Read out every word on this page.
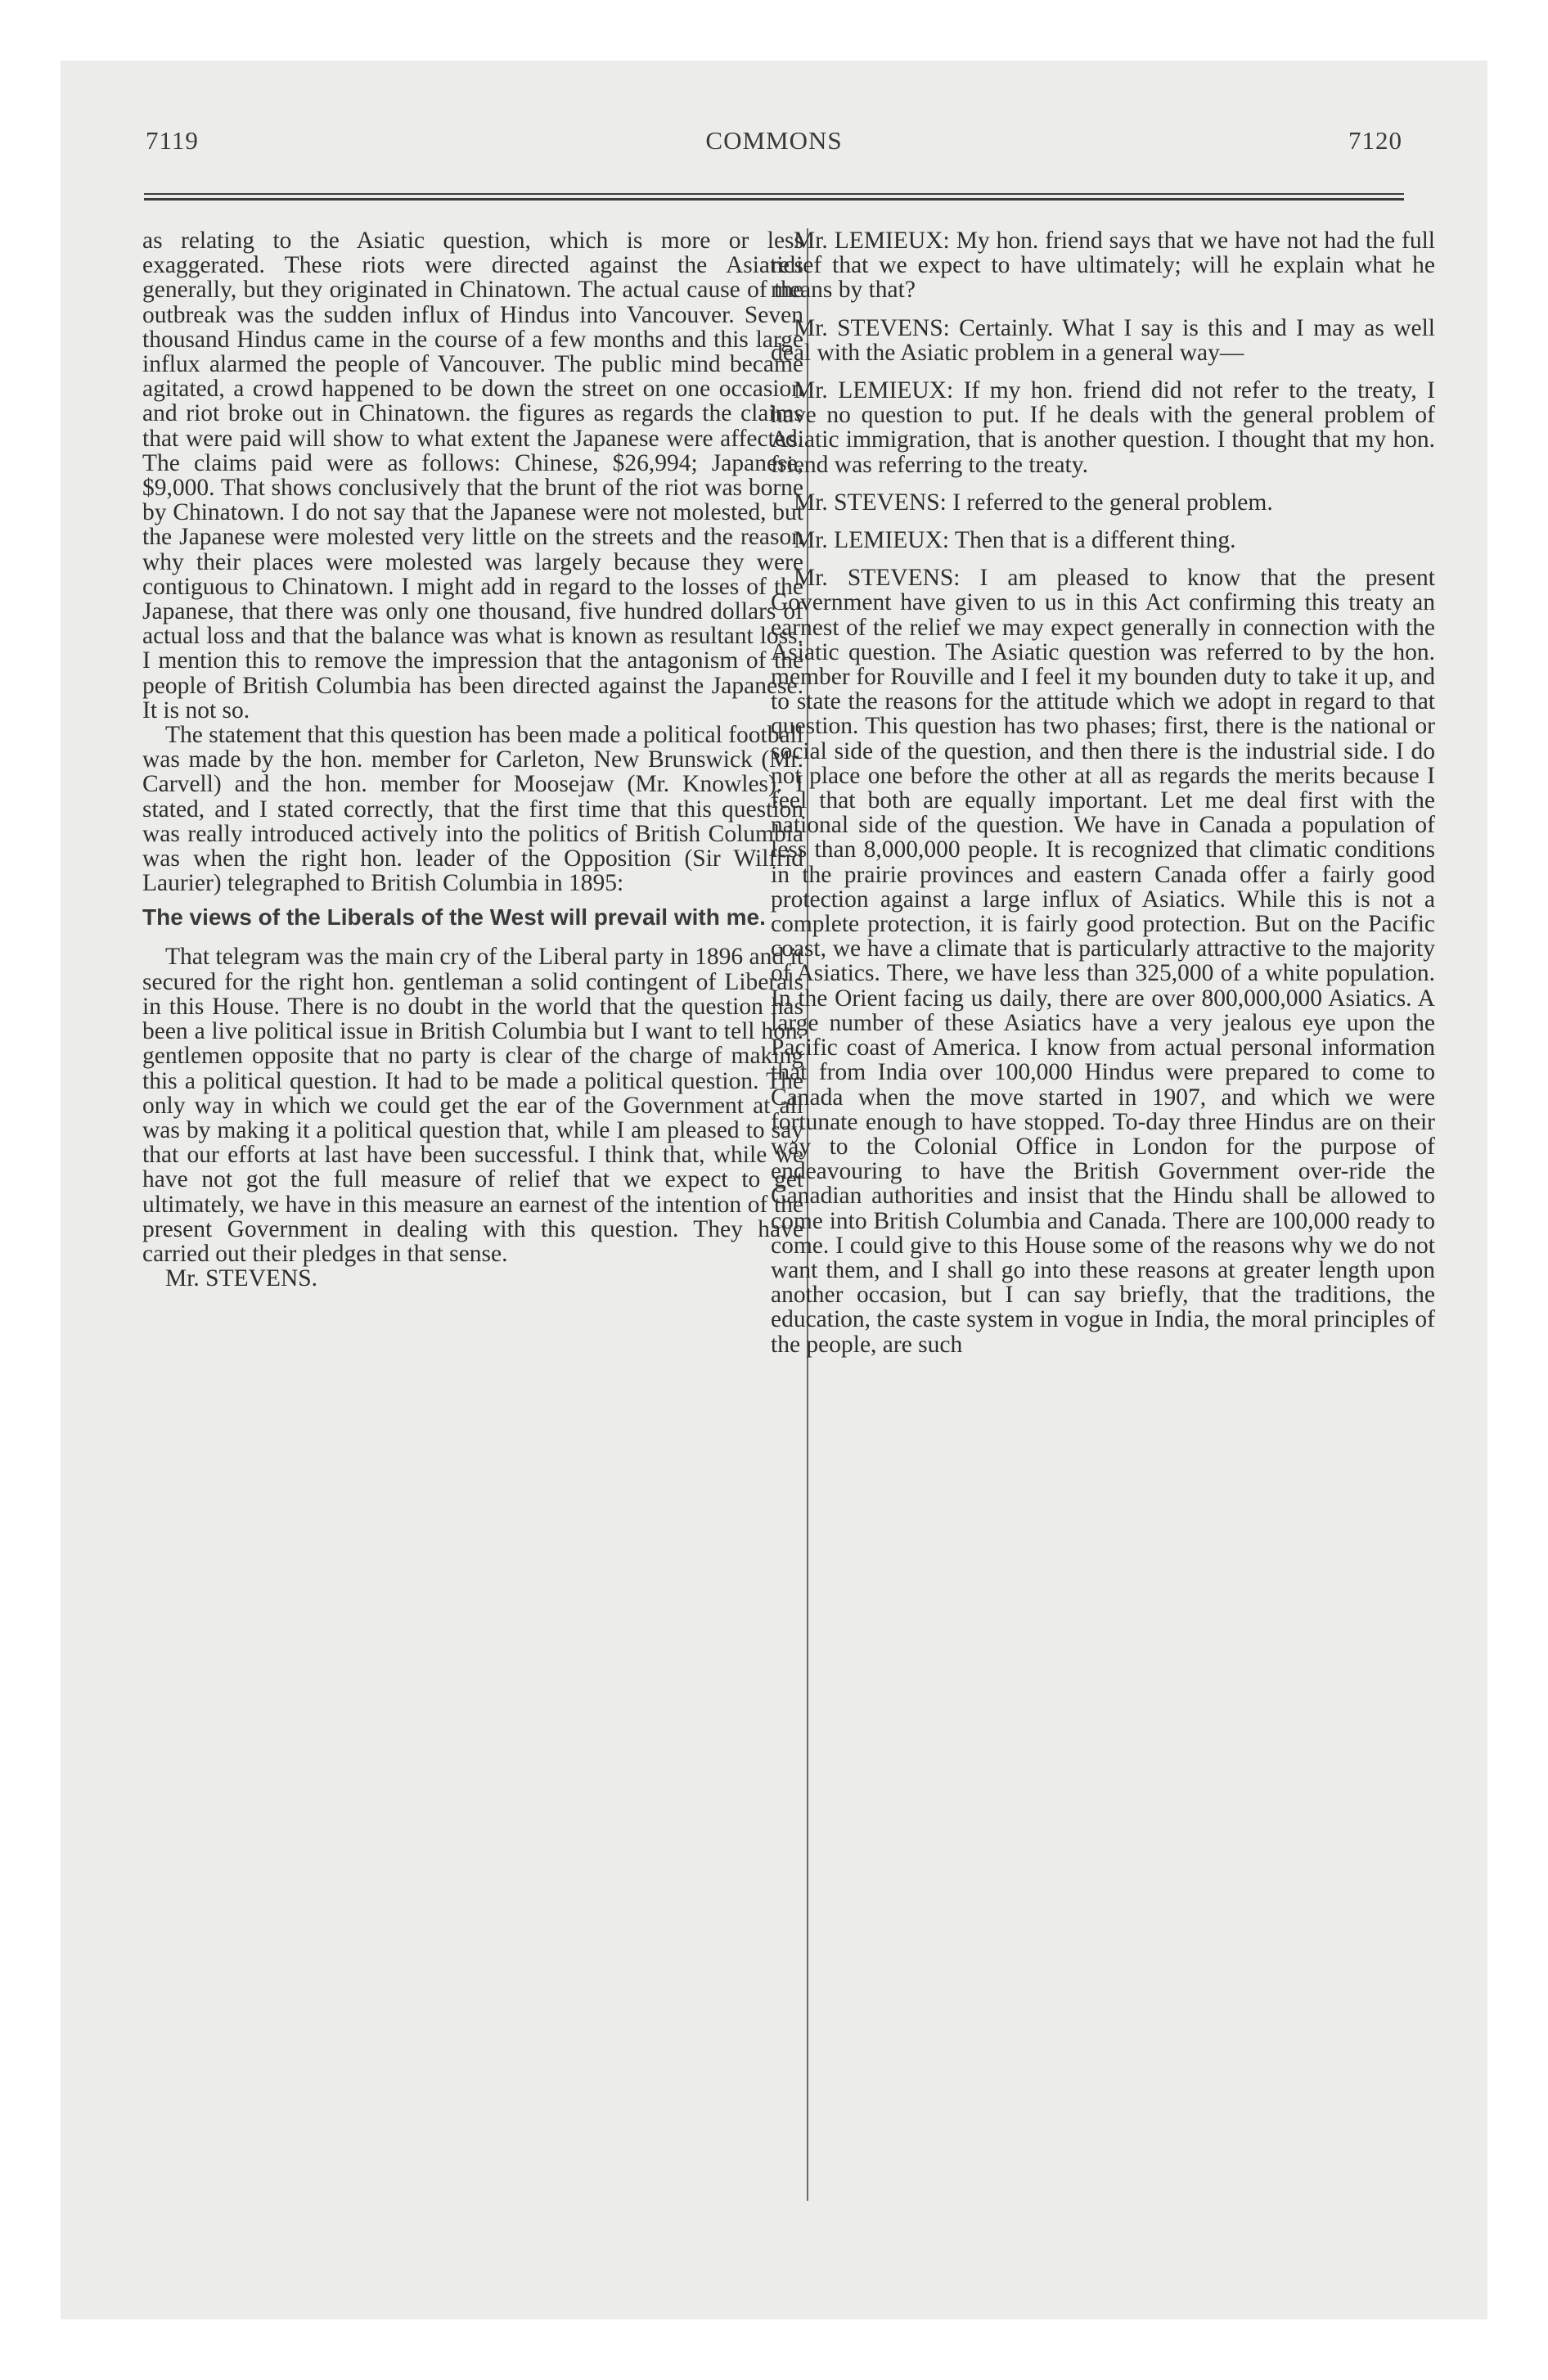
7119	COMMONS	7120

as relating to the Asiatic question, which is more or less exaggerated. These riots were directed against the Asiatics generally, but they originated in Chinatown. The actual cause of the outbreak was the sudden influx of Hindus into Vancouver. Seven thousand Hindus came in the course of a few months and this large influx alarmed the people of Vancouver. The public mind became agitated, a crowd happened to be down the street on one occasion and riot broke out in Chinatown. the figures as regards the claims that were paid will show to what extent the Japanese were affected. The claims paid were as follows: Chinese, $26,994; Japanese, $9,000. That shows conclusively that the brunt of the riot was borne by Chinatown. I do not say that the Japanese were not molested, but the Japanese were molested very little on the streets and the reason why their places were molested was largely because they were contiguous to Chinatown. I might add in regard to the losses of the Japanese, that there was only one thousand, five hundred dollars of actual loss and that the balance was what is known as resultant loss. I mention this to remove the impression that the antagonism of the people of British Columbia has been directed against the Japanese. It is not so.

The statement that this question has been made a political football was made by the hon. member for Carleton, New Brunswick (Mr. Carvell) and the hon. member for Moosejaw (Mr. Knowles). I stated, and I stated correctly, that the first time that this question was really introduced actively into the politics of British Columbia was when the right hon. leader of the Opposition (Sir Wilfrid Laurier) telegraphed to British Columbia in 1895:

The views of the Liberals of the West will prevail with me.

That telegram was the main cry of the Liberal party in 1896 and it secured for the right hon. gentleman a solid contingent of Liberals in this House. There is no doubt in the world that the question has been a live political issue in British Columbia but I want to tell hon. gentlemen opposite that no party is clear of the charge of making this a political question. It had to be made a political question. The only way in which we could get the ear of the Government at all was by making it a political question that, while I am pleased to say that our efforts at last have been successful. I think that, while we have not got the full measure of relief that we expect to get ultimately, we have in this measure an earnest of the intention of the present Government in dealing with this question. They have carried out their pledges in that sense.

Mr. STEVENS.

Mr. LEMIEUX: My hon. friend says that we have not had the full relief that we expect to have ultimately; will he explain what he means by that?

Mr. STEVENS: Certainly. What I say is this and I may as well deal with the Asiatic problem in a general way—

Mr. LEMIEUX: If my hon. friend did not refer to the treaty, I have no question to put. If he deals with the general problem of Asiatic immigration, that is another question. I thought that my hon. friend was referring to the treaty.

Mr. STEVENS: I referred to the general problem.

Mr. LEMIEUX: Then that is a different thing.

Mr. STEVENS: I am pleased to know that the present Government have given to us in this Act confirming this treaty an earnest of the relief we may expect generally in connection with the Asiatic question. The Asiatic question was referred to by the hon. member for Rouville and I feel it my bounden duty to take it up, and to state the reasons for the attitude which we adopt in regard to that question. This question has two phases; first, there is the national or social side of the question, and then there is the industrial side. I do not place one before the other at all as regards the merits because I feel that both are equally important. Let me deal first with the national side of the question. We have in Canada a population of less than 8,000,000 people. It is recognized that climatic conditions in the prairie provinces and eastern Canada offer a fairly good protection against a large influx of Asiatics. While this is not a complete protection, it is fairly good protection. But on the Pacific coast, we have a climate that is particularly attractive to the majority of Asiatics. There, we have less than 325,000 of a white population. In the Orient facing us daily, there are over 800,000,000 Asiatics. A large number of these Asiatics have a very jealous eye upon the Pacific coast of America. I know from actual personal information that from India over 100,000 Hindus were prepared to come to Canada when the move started in 1907, and which we were fortunate enough to have stopped. To-day three Hindus are on their way to the Colonial Office in London for the purpose of endeavouring to have the British Government over-ride the Canadian authorities and insist that the Hindu shall be allowed to come into British Columbia and Canada. There are 100,000 ready to come. I could give to this House some of the reasons why we do not want them, and I shall go into these reasons at greater length upon another occasion, but I can say briefly, that the traditions, the education, the caste system in vogue in India, the moral principles of the people, are such
